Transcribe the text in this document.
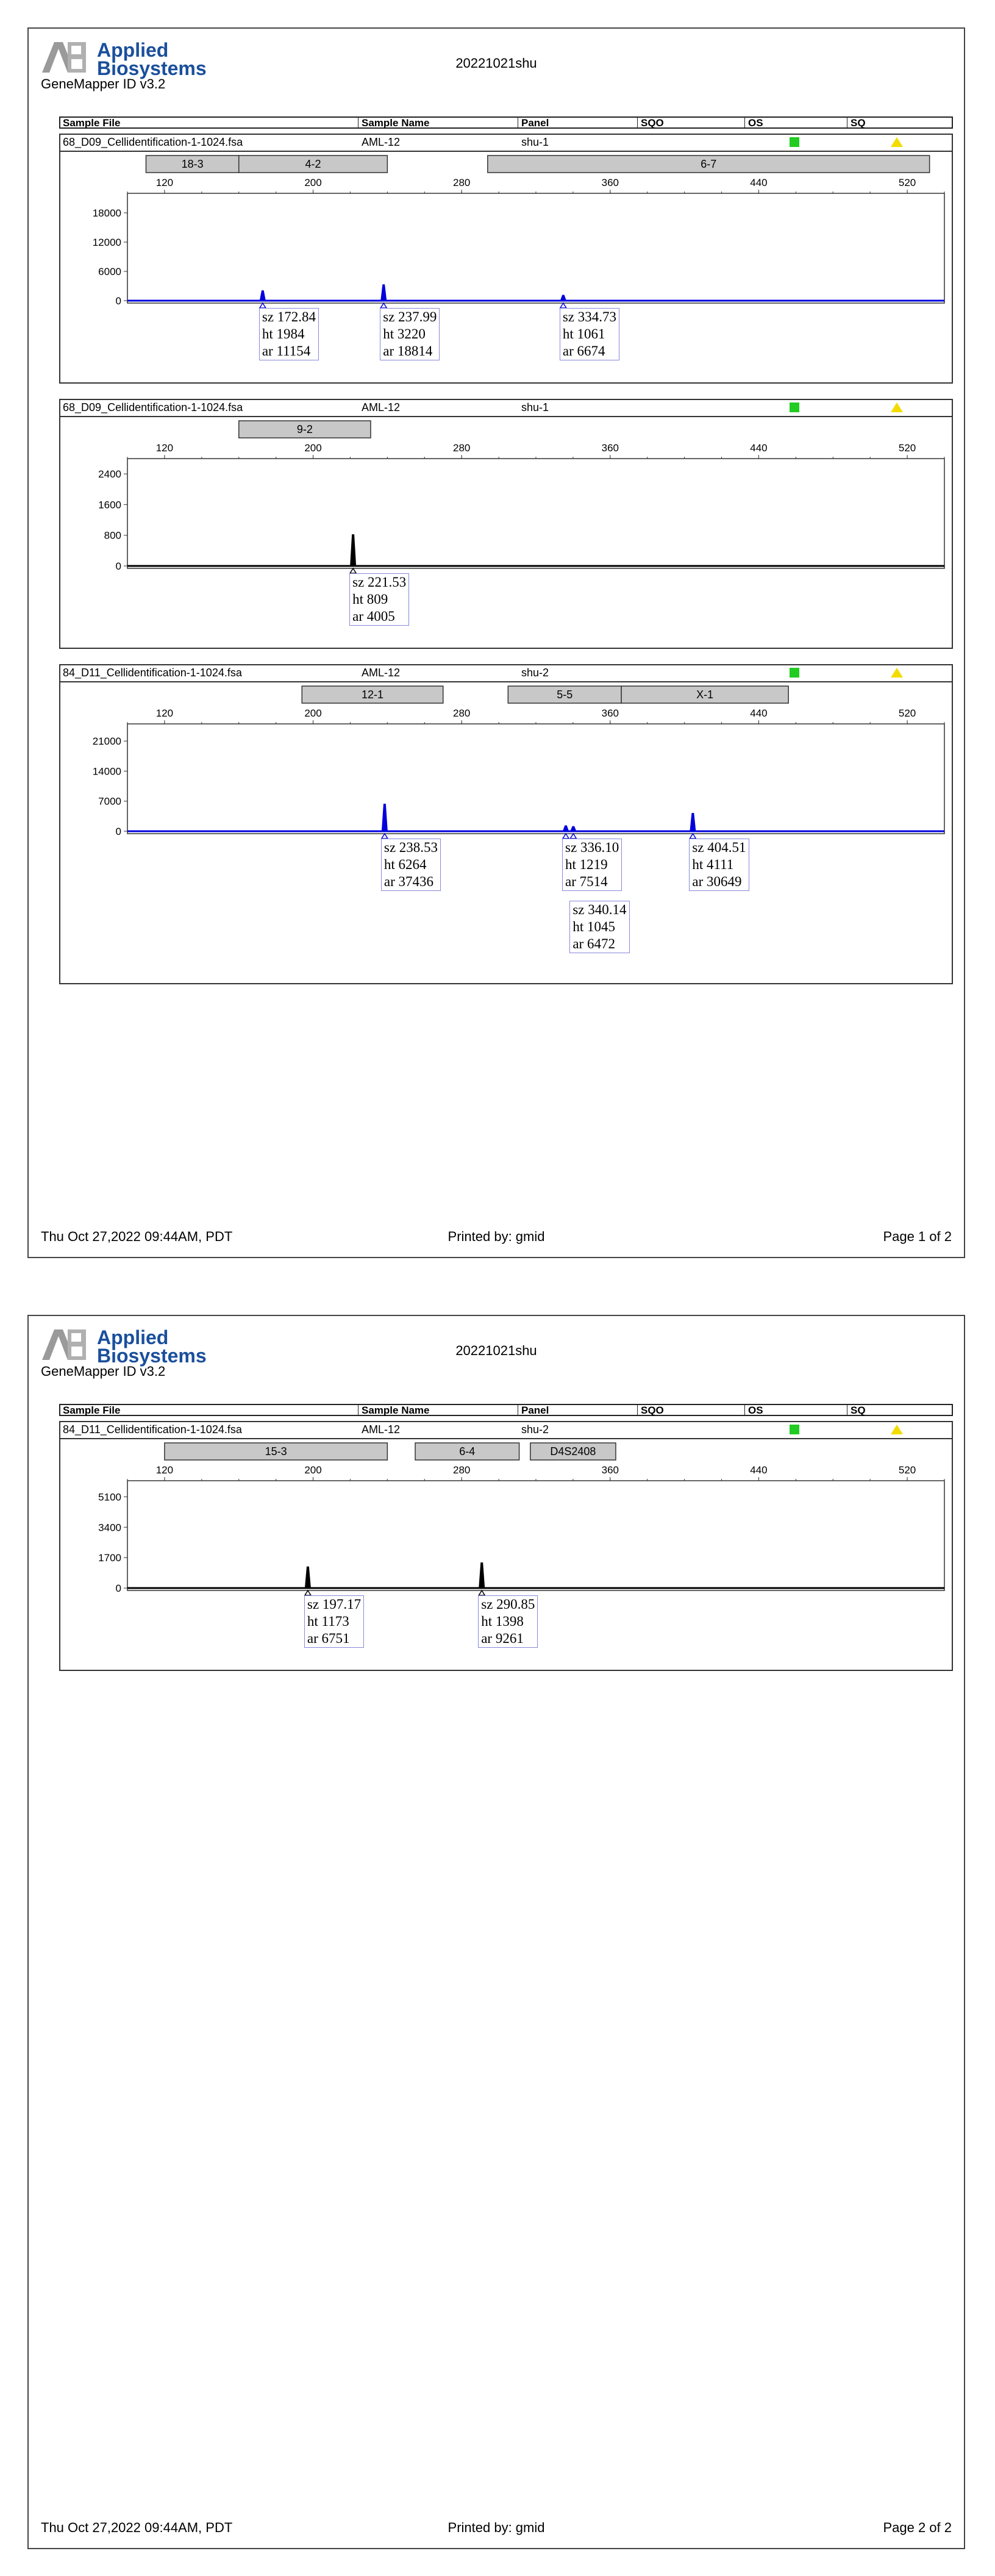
Applied
Biosystems
GeneMapper ID v3.2
20221021shu
Sample File	Sample Name	Panel	SQO	OS	SQ
68_D09_Cellidentification-1-1024.fsa	AML-12	shu-1
18-3	4-2	6-7
120	200	280	360	440	520
0
6000
12000
18000
sz 172.84
ht 1984
ar 11154
sz 237.99
ht 3220
ar 18814
sz 334.73
ht 1061
ar 6674
68_D09_Cellidentification-1-1024.fsa	AML-12	shu-1
9-2
120	200	280	360	440	520
0
800
1600
2400
sz 221.53
ht 809
ar 4005
84_D11_Cellidentification-1-1024.fsa	AML-12	shu-2
12-1	5-5	X-1
120	200	280	360	440	520
0
7000
14000
21000
sz 238.53
ht 6264
ar 37436
sz 336.10
ht 1219
ar 7514
sz 340.14
ht 1045
ar 6472
sz 404.51
ht 4111
ar 30649
Thu Oct 27,2022 09:44AM, PDT	Printed by: gmid	Page 1 of 2
Applied
Biosystems
GeneMapper ID v3.2
20221021shu
Sample File	Sample Name	Panel	SQO	OS	SQ
84_D11_Cellidentification-1-1024.fsa	AML-12	shu-2
15-3	6-4	D4S2408
120	200	280	360	440	520
0
1700
3400
5100
sz 197.17
ht 1173
ar 6751
sz 290.85
ht 1398
ar 9261
Thu Oct 27,2022 09:44AM, PDT	Printed by: gmid	Page 2 of 2
